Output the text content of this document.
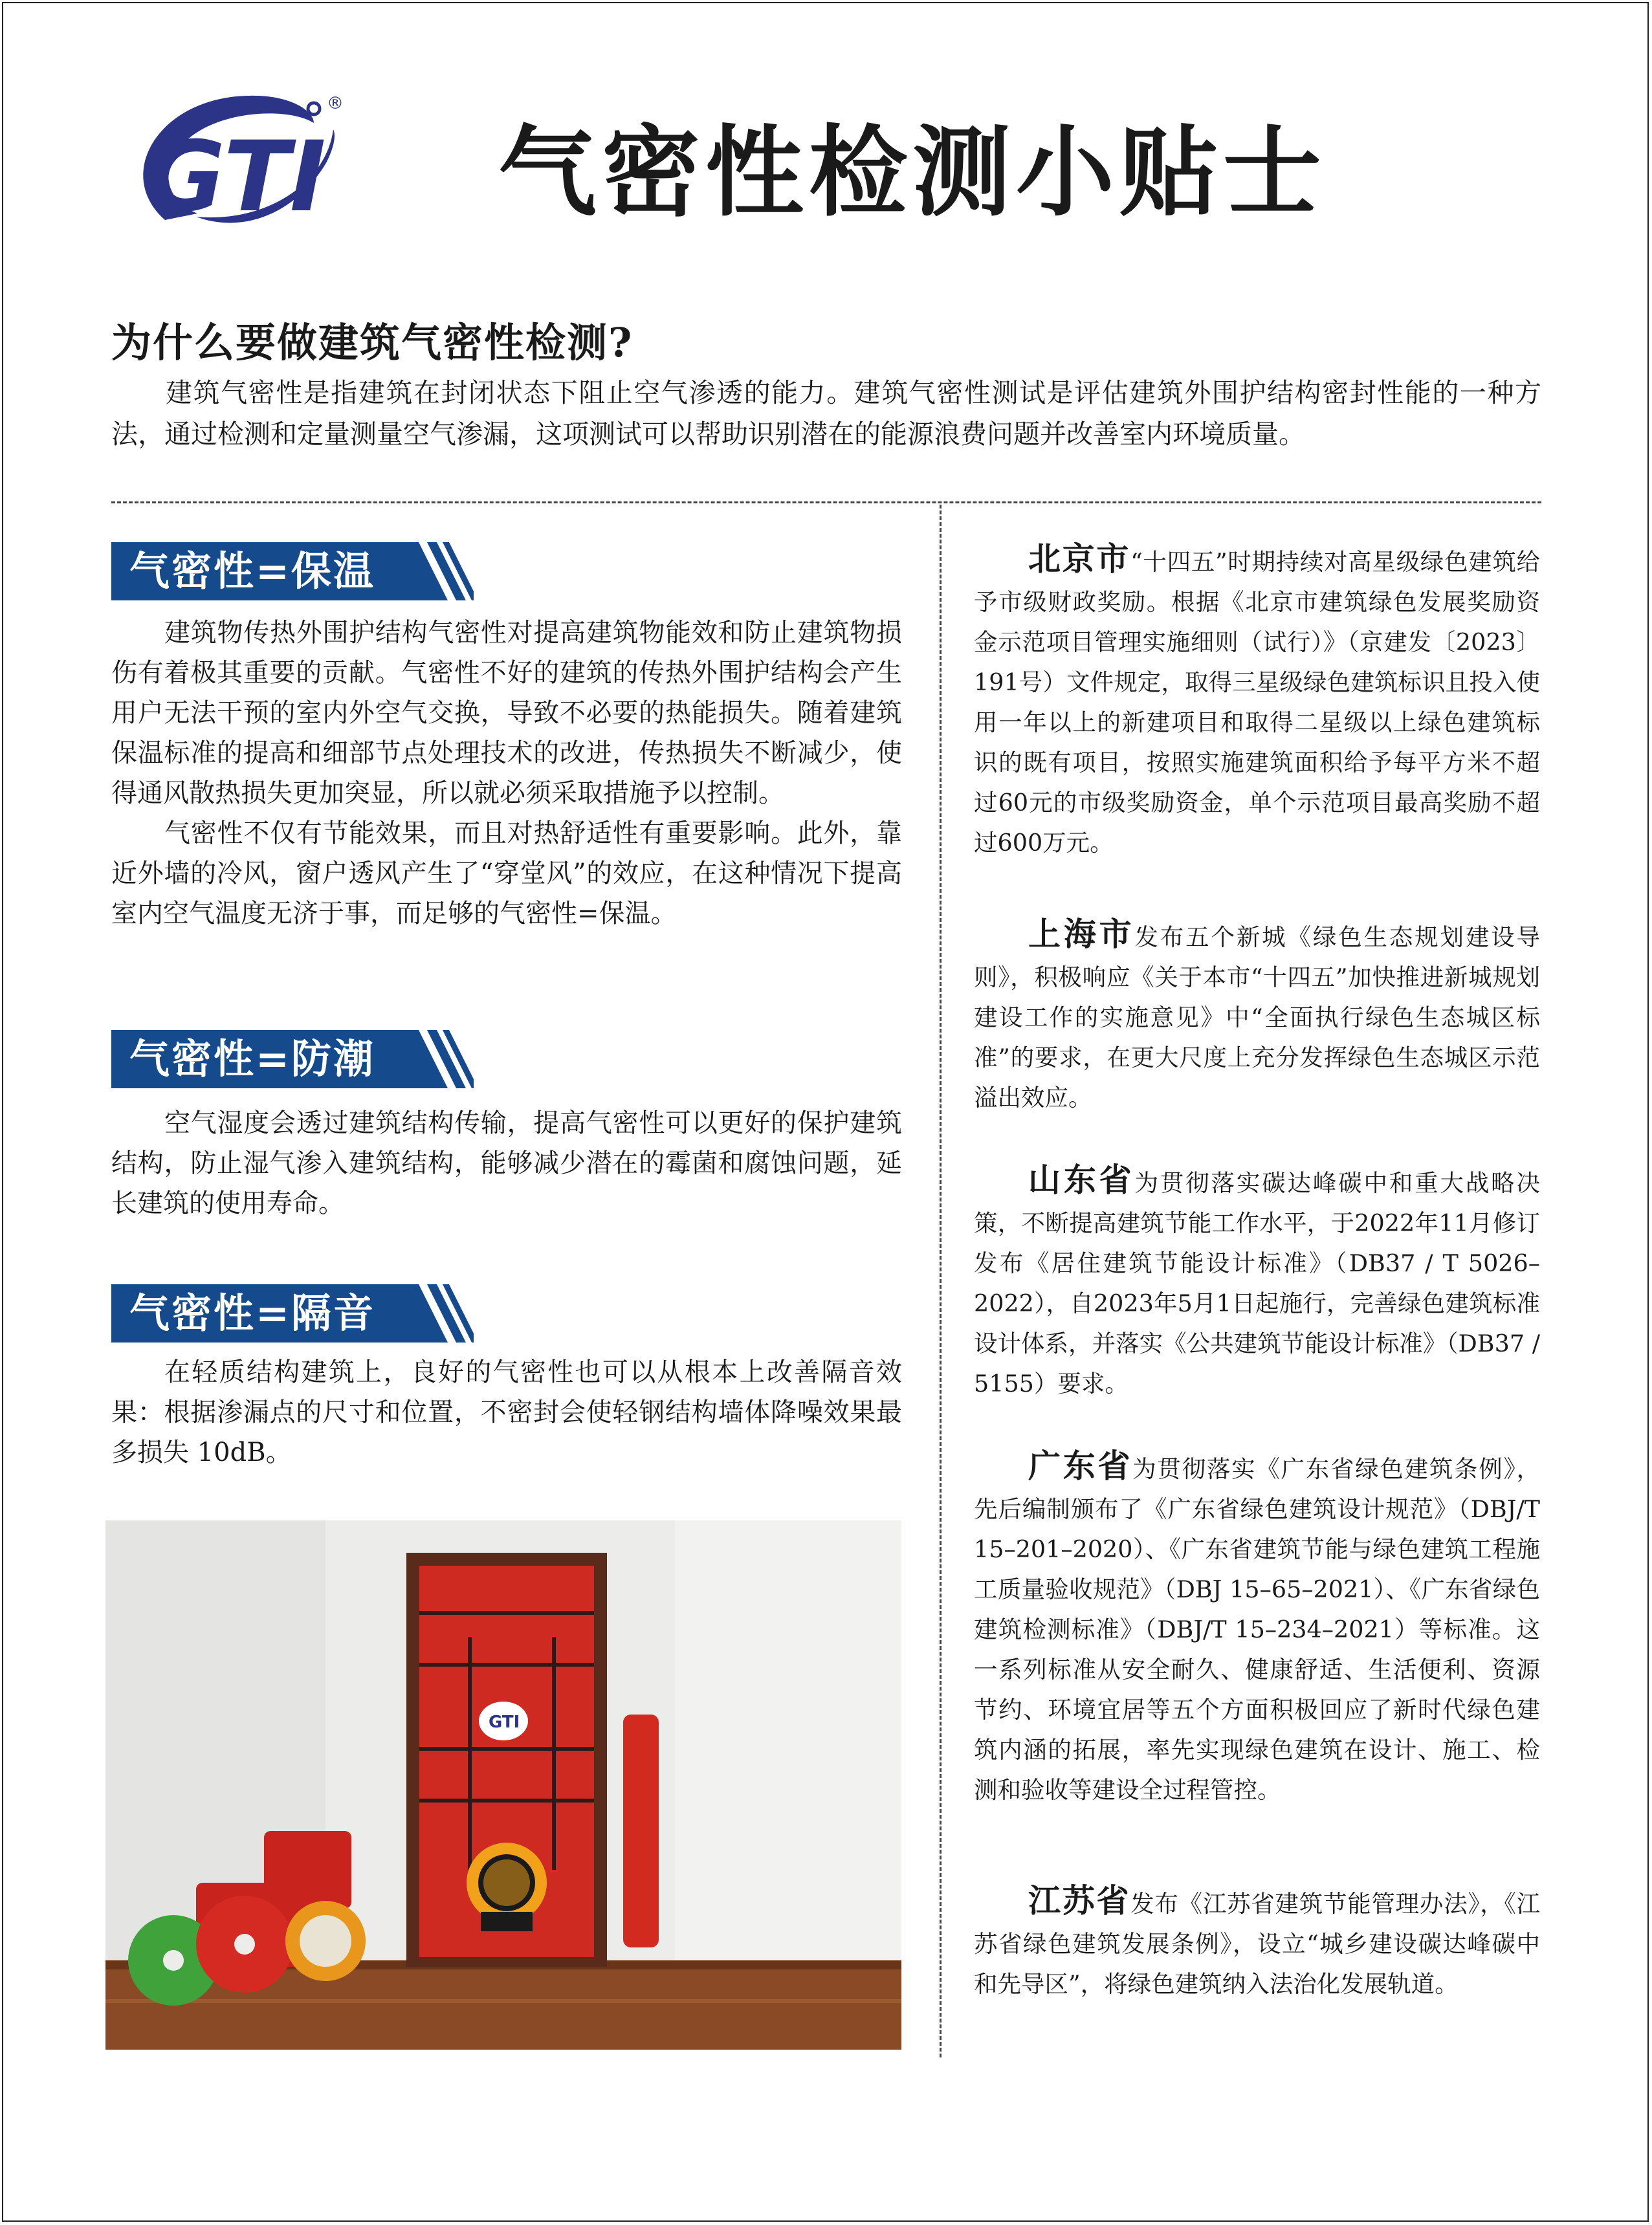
GTI
®
气密性检测小贴士
为什么要做建筑气密性检测?
建筑气密性是指建筑在封闭状态下阻止空气渗透的能力。建筑气密性测试是评估建筑外围护结构密封性能的一种方法，通过检测和定量测量空气渗漏，这项测试可以帮助识别潜在的能源浪费问题并改善室内环境质量。
气密性=保温

建筑物传热外围护结构气密性对提高建筑物能效和防止建筑物损伤有着极其重要的贡献。气密性不好的建筑的传热外围护结构会产生用户无法干预的室内外空气交换，导致不必要的热能损失。随着建筑保温标准的提高和细部节点处理技术的改进，传热损失不断减少，使得通风散热损失更加突显，所以就必须采取措施予以控制。

气密性不仅有节能效果，而且对热舒适性有重要影响。此外，靠近外墙的冷风，窗户透风产生了“穿堂风”的效应，在这种情况下提高室内空气温度无济于事，而足够的气密性=保温。

气密性=防潮

空气湿度会透过建筑结构传输，提高气密性可以更好的保护建筑结构，防止湿气渗入建筑结构，能够减少潜在的霉菌和腐蚀问题，延长建筑的使用寿命。

气密性=隔音

在轻质结构建筑上，良好的气密性也可以从根本上改善隔音效果：根据渗漏点的尺寸和位置，不密封会使轻钢结构墙体降噪效果最多损失 10dB。

GTI

北京市“十四五”时期持续对高星级绿色建筑给予市级财政奖励。根据《北京市建筑绿色发展奖励资金示范项目管理实施细则（试行）》（京建发〔2023〕191号）文件规定，取得三星级绿色建筑标识且投入使用一年以上的新建项目和取得二星级以上绿色建筑标识的既有项目，按照实施建筑面积给予每平方米不超过60元的市级奖励资金，单个示范项目最高奖励不超过600万元。

上海市发布五个新城《绿色生态规划建设导则》，积极响应《关于本市“十四五”加快推进新城规划建设工作的实施意见》中“全面执行绿色生态城区标准”的要求，在更大尺度上充分发挥绿色生态城区示范溢出效应。

山东省为贯彻落实碳达峰碳中和重大战略决策，不断提高建筑节能工作水平，于2022年11月修订发布《居住建筑节能设计标准》（DB37 / T 5026–2022），自2023年5月1日起施行，完善绿色建筑标准设计体系，并落实《公共建筑节能设计标准》（DB37 / 5155）要求。

广东省为贯彻落实《广东省绿色建筑条例》，先后编制颁布了《广东省绿色建筑设计规范》（DBJ/T 15–201–2020）、《广东省建筑节能与绿色建筑工程施工质量验收规范》（DBJ 15–65–2021）、《广东省绿色建筑检测标准》（DBJ/T 15–234–2021）等标准。这一系列标准从安全耐久、健康舒适、生活便利、资源节约、环境宜居等五个方面积极回应了新时代绿色建筑内涵的拓展，率先实现绿色建筑在设计、施工、检测和验收等建设全过程管控。

江苏省发布《江苏省建筑节能管理办法》，《江苏省绿色建筑发展条例》，设立“城乡建设碳达峰碳中和先导区”，将绿色建筑纳入法治化发展轨道。
